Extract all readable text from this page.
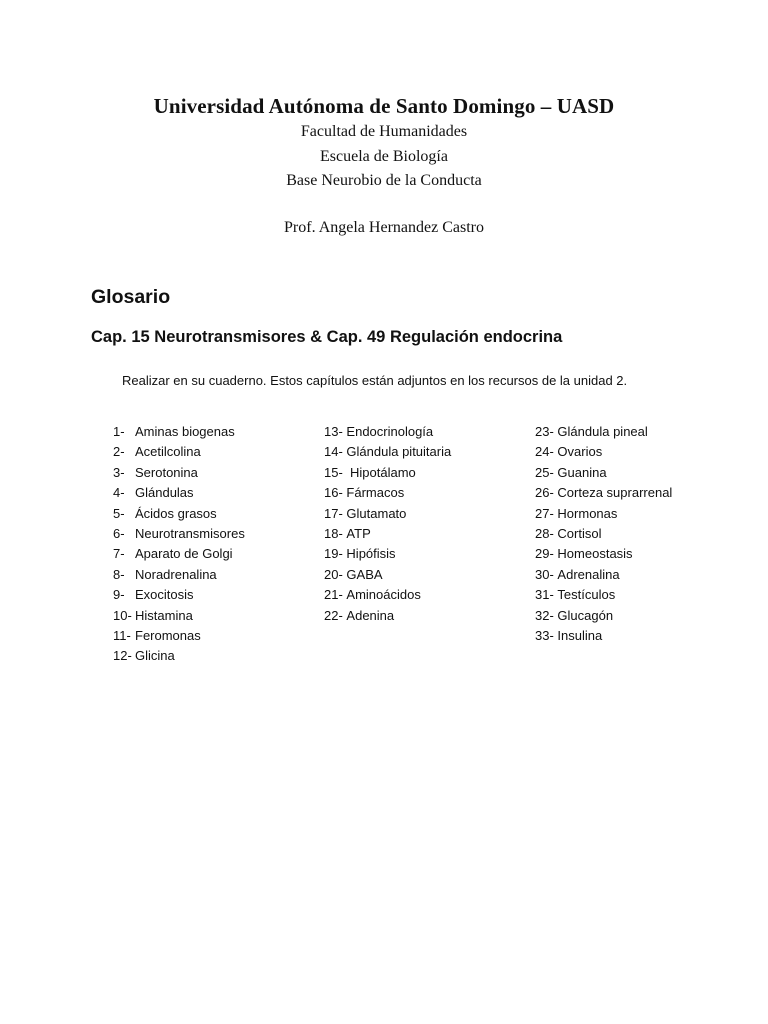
Universidad Autónoma de Santo Domingo – UASD
Facultad de Humanidades
Escuela de Biología
Base Neurobio de la Conducta
Prof. Angela Hernandez Castro
Glosario
Cap. 15 Neurotransmisores & Cap. 49 Regulación endocrina

Realizar en su cuaderno. Estos capítulos están adjuntos en los recursos de la unidad 2.

1- Aminas biogenas
2- Acetilcolina
3- Serotonina
4- Glándulas
5- Ácidos grasos
6- Neurotransmisores
7- Aparato de Golgi
8- Noradrenalina
9- Exocitosis
10- Histamina
11- Feromonas
12- Glicina
13- Endocrinología
14- Glándula pituitaria
15- Hipotálamo
16- Fármacos
17- Glutamato
18- ATP
19- Hipófisis
20- GABA
21- Aminoácidos
22- Adenina
23- Glándula pineal
24- Ovarios
25- Guanina
26- Corteza suprarrenal
27- Hormonas
28- Cortisol
29- Homeostasis
30- Adrenalina
31- Testículos
32- Glucagón
33- Insulina
